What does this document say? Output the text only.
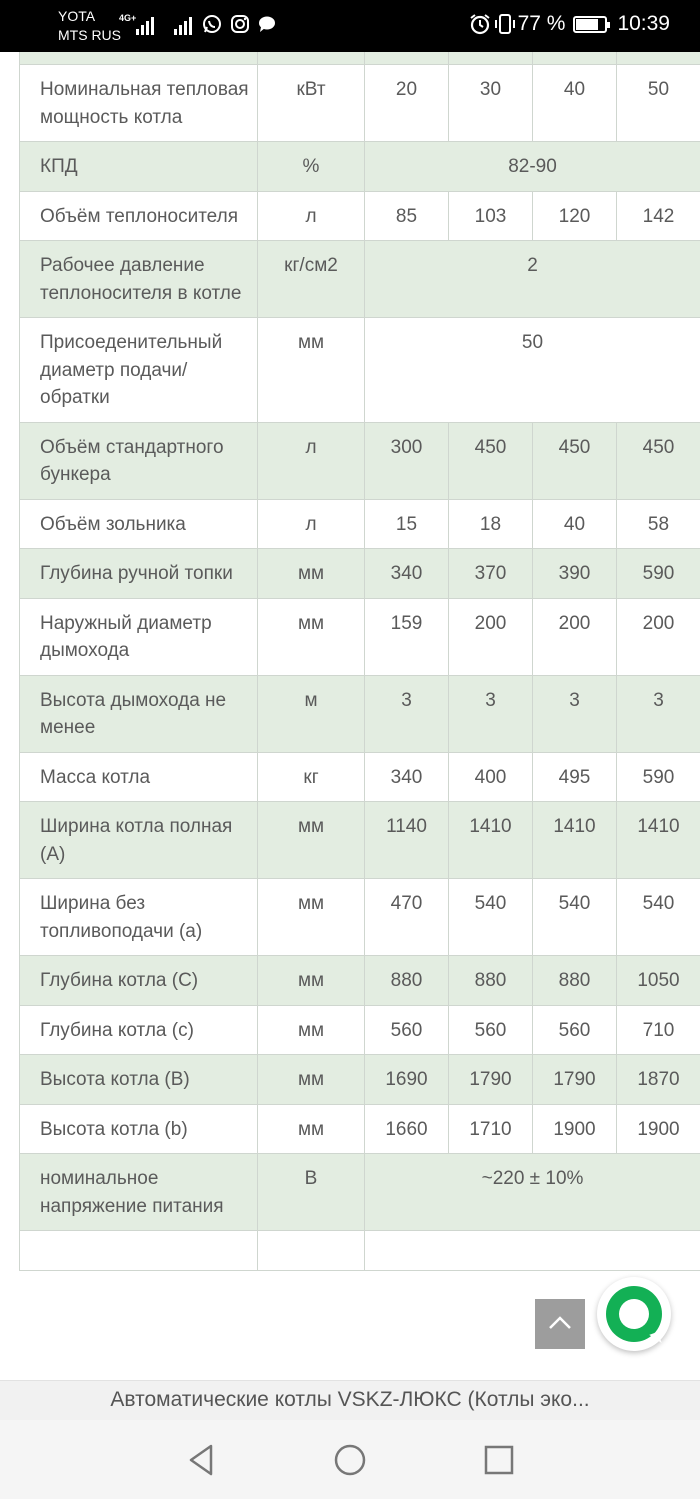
YOTA
MTS RUS
4G+	77 % 10:39

Номинальная тепловая мощность котла	кВт	20	30	40	50
КПД	%	82-90			
Объём теплоносителя	л	85	103	120	142
Рабочее давление теплоносителя в котле	кг/см2	2			
Присоеденительный диаметр подачи/обратки	мм	50			
Объём стандартного бункера	л	300	450	450	450
Объём зольника	л	15	18	40	58
Глубина ручной топки	мм	340	370	390	590
Наружный диаметр дымохода	мм	159	200	200	200
Высота дымохода не менее	м	3	3	3	3
Масса котла	кг	340	400	495	590
Ширина котла полная (A)	мм	1140	1410	1410	1410
Ширина без топливоподачи (a)	мм	470	540	540	540
Глубина котла (C)	мм	880	880	880	1050
Глубина котла (c)	мм	560	560	560	710
Высота котла (B)	мм	1690	1790	1790	1870
Высота котла (b)	мм	1660	1710	1900	1900
номинальное напряжение питания	В	~220 ± 10%			

Автоматические котлы VSKZ-ЛЮКС (Котлы эко...
